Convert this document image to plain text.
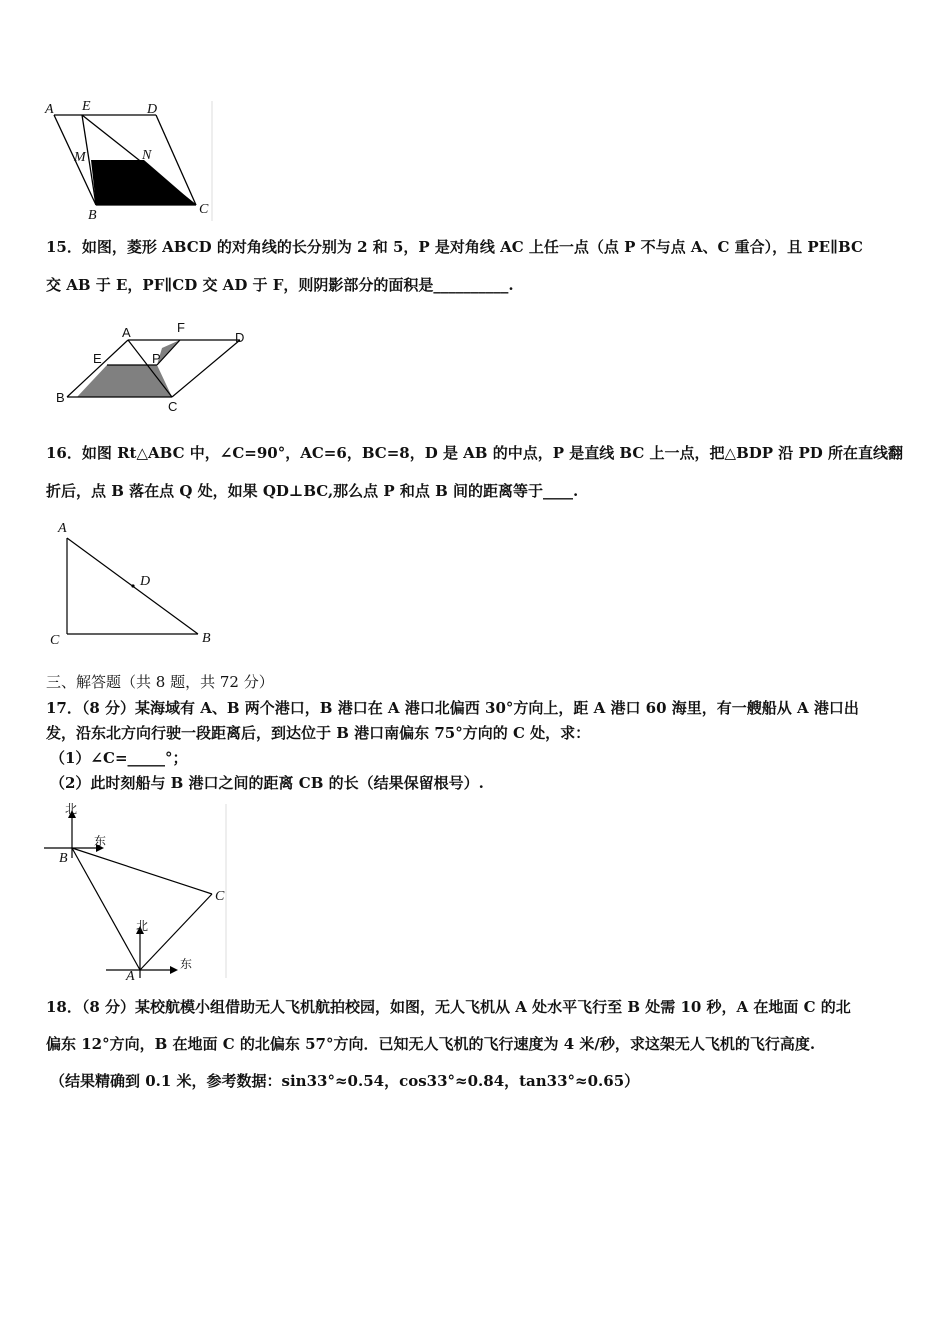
A E	D
M	N
B	C
15．如图，菱形 ABCD 的对角线的长分别为 2 和 5，P 是对角线 AC 上任一点（点 P 不与点 A、C 重合），且 PE∥BC
交 AB 于 E，PF∥CD 交 AD 于 F，则阴影部分的面积是__________.
A	F
D
E	P
B
C
16．如图 Rt△ABC 中，∠C=90°，AC=6，BC=8，D 是 AB 的中点，P 是直线 BC 上一点，把△BDP 沿 PD 所在直线翻
折后，点 B 落在点 Q 处，如果 QD⊥BC,那么点 P 和点 B 间的距离等于____.
A
D
C	B
三、解答题（共 8 题，共 72 分）
17．（8 分）某海域有 A、B 两个港口，B 港口在 A 港口北偏西 30°方向上，距 A 港口 60 海里，有一艘船从 A 港口出
发，沿东北方向行驶一段距离后，到达位于 B 港口南偏东 75°方向的 C 处，求：
（1）∠C=_____°；
（2）此时刻船与 B 港口之间的距离 CB 的长（结果保留根号）.
北
东
北
东
B
C
A
18．（8 分）某校航模小组借助无人飞机航拍校园，如图，无人飞机从 A 处水平飞行至 B 处需 10 秒，A 在地面 C 的北
偏东 12°方向，B 在地面 C 的北偏东 57°方向．已知无人飞机的飞行速度为 4 米/秒，求这架无人飞机的飞行高度.
（结果精确到 0.1 米，参考数据：sin33°≈0.54，cos33°≈0.84，tan33°≈0.65）
